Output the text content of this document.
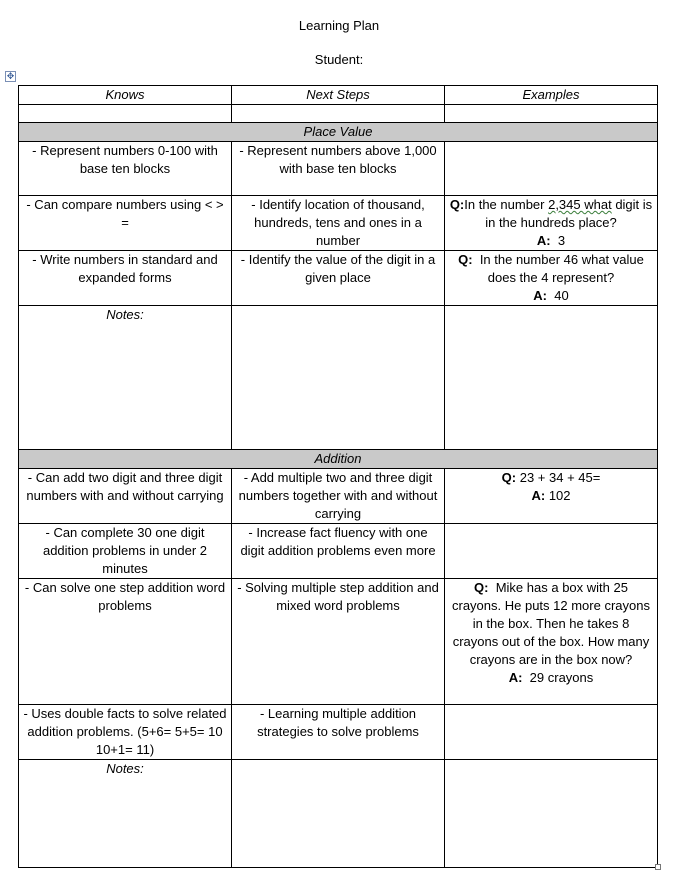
Learning Plan
Student:
✥
Knows	Next Steps	Examples

Place Value		
- Represent numbers 0-100 with base ten blocks	- Represent numbers above 1,000 with base ten blocks	
- Can compare numbers using < > =	- Identify location of thousand, hundreds, tens and ones in a number	Q:In the number 2,345 what digit is in the hundreds place?
A: 3
- Write numbers in standard and expanded forms	- Identify the value of the digit in a given place	Q: In the number 46 what value does the 4 represent?
A: 40
Notes:		
Addition		
- Can add two digit and three digit numbers with and without carrying	- Add multiple two and three digit numbers together with and without carrying	Q: 23 + 34 + 45=
A: 102
- Can complete 30 one digit addition problems in under 2 minutes	- Increase fact fluency with one digit addition problems even more	
- Can solve one step addition word problems	- Solving multiple step addition and mixed word problems	Q: Mike has a box with 25 crayons. He puts 12 more crayons in the box. Then he takes 8 crayons out of the box. How many crayons are in the box now?
A: 29 crayons
- Uses double facts to solve related addition problems. (5+6= 5+5= 10 10+1= 11)	- Learning multiple addition strategies to solve problems	
Notes:		
